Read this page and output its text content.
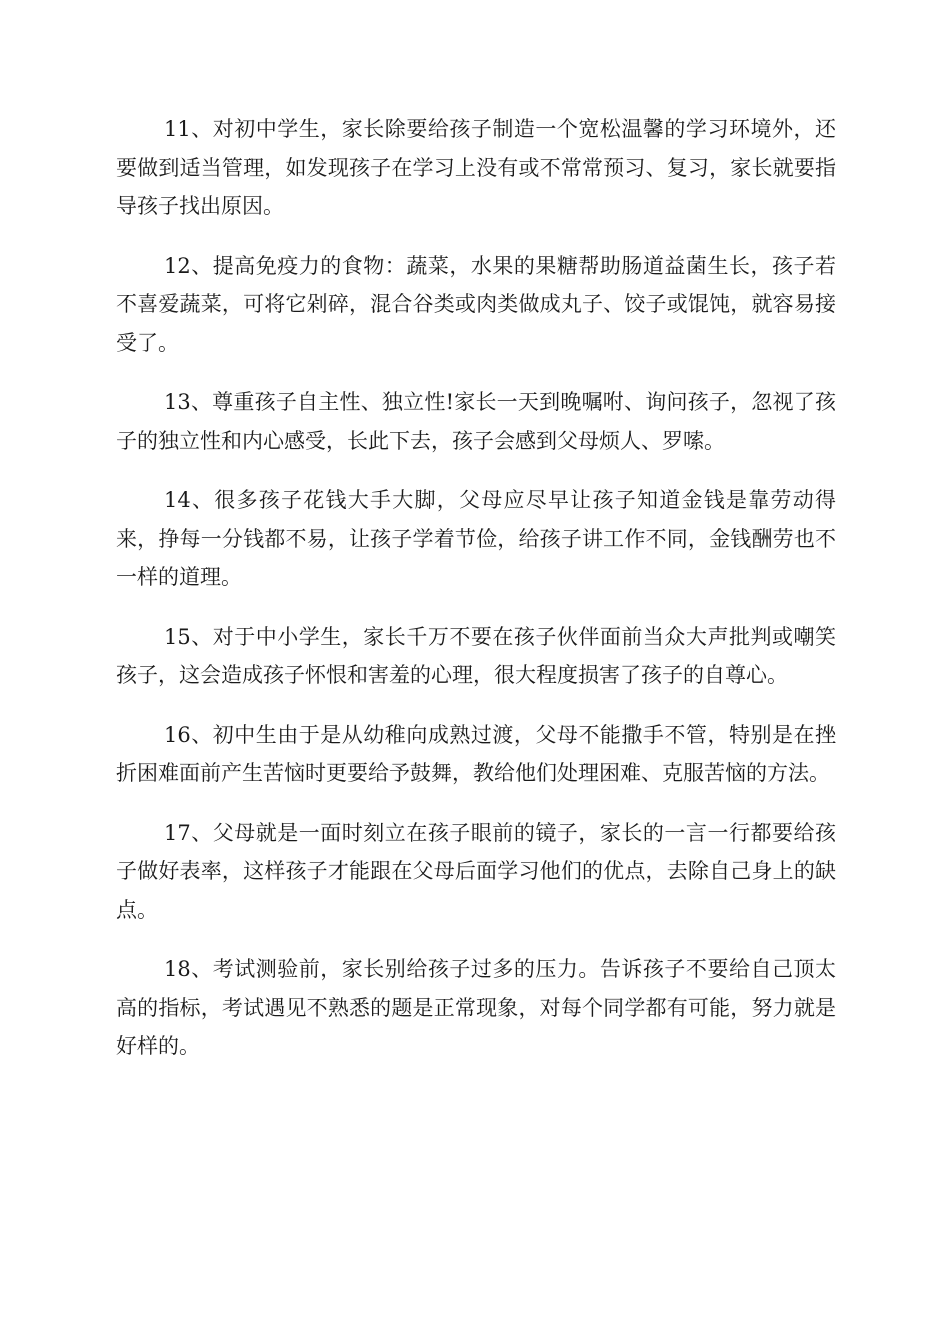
11、对初中学生，家长除要给孩子制造一个宽松温馨的学习环境外，还要做到适当管理，如发现孩子在学习上没有或不常常预习、复习，家长就要指导孩子找出原因。

12、提高免疫力的食物：蔬菜，水果的果糖帮助肠道益菌生长，孩子若不喜爱蔬菜，可将它剁碎，混合谷类或肉类做成丸子、饺子或馄饨，就容易接受了。

13、尊重孩子自主性、独立性!家长一天到晚嘱咐、询问孩子，忽视了孩子的独立性和内心感受，长此下去，孩子会感到父母烦人、罗嗦。

14、很多孩子花钱大手大脚，父母应尽早让孩子知道金钱是靠劳动得来，挣每一分钱都不易，让孩子学着节俭，给孩子讲工作不同，金钱酬劳也不一样的道理。

15、对于中小学生，家长千万不要在孩子伙伴面前当众大声批判或嘲笑孩子，这会造成孩子怀恨和害羞的心理，很大程度损害了孩子的自尊心。

16、初中生由于是从幼稚向成熟过渡，父母不能撒手不管，特别是在挫折困难面前产生苦恼时更要给予鼓舞，教给他们处理困难、克服苦恼的方法。

17、父母就是一面时刻立在孩子眼前的镜子，家长的一言一行都要给孩子做好表率，这样孩子才能跟在父母后面学习他们的优点，去除自己身上的缺点。

18、考试测验前，家长别给孩子过多的压力。告诉孩子不要给自己顶太高的指标，考试遇见不熟悉的题是正常现象，对每个同学都有可能，努力就是好样的。
